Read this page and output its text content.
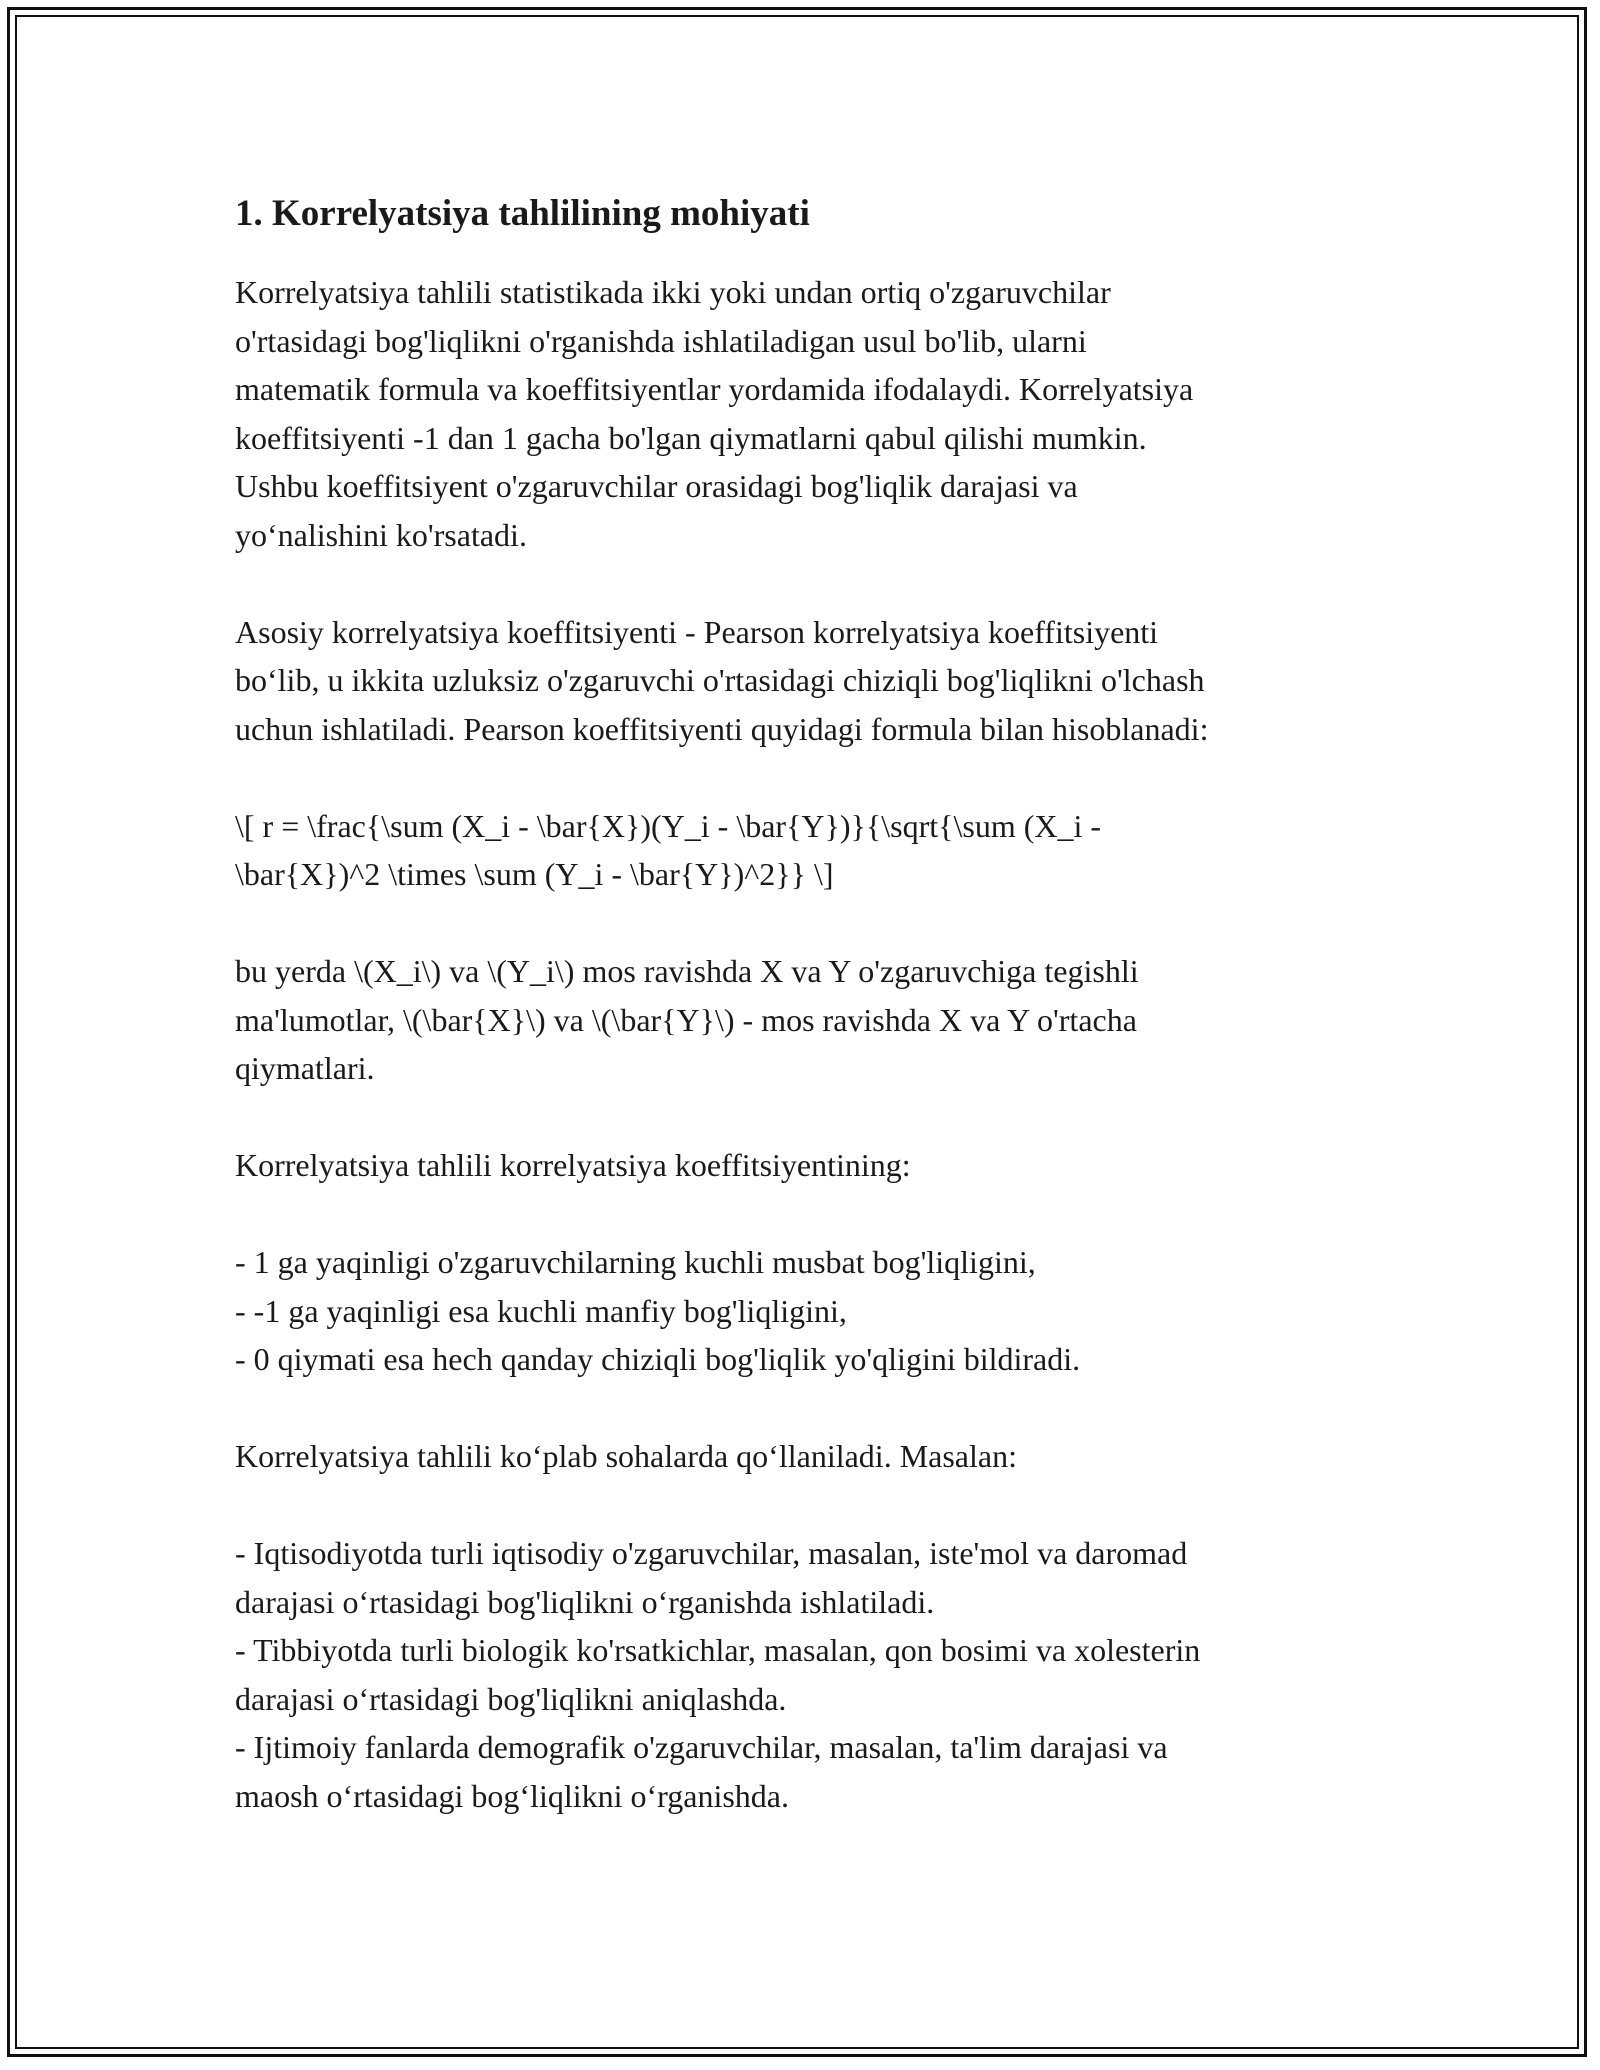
1. Korrelyatsiya tahlilining mohiyati

Korrelyatsiya tahlili statistikada ikki yoki undan ortiq o'zgaruvchilar

o'rtasidagi bog'liqlikni o'rganishda ishlatiladigan usul bo'lib, ularni

matematik formula va koeffitsiyentlar yordamida ifodalaydi. Korrelyatsiya

koeffitsiyenti -1 dan 1 gacha bo'lgan qiymatlarni qabul qilishi mumkin.

Ushbu koeffitsiyent o'zgaruvchilar orasidagi bog'liqlik darajasi va

yo‘nalishini ko'rsatadi.

Asosiy korrelyatsiya koeffitsiyenti - Pearson korrelyatsiya koeffitsiyenti

bo‘lib, u ikkita uzluksiz o'zgaruvchi o'rtasidagi chiziqli bog'liqlikni o'lchash

uchun ishlatiladi. Pearson koeffitsiyenti quyidagi formula bilan hisoblanadi:

\[ r = \frac{\sum (X_i - \bar{X})(Y_i - \bar{Y})}{\sqrt{\sum (X_i -

\bar{X})^2 \times \sum (Y_i - \bar{Y})^2}} \]

bu yerda \(X_i\) va \(Y_i\) mos ravishda X va Y o'zgaruvchiga tegishli

ma'lumotlar, \(\bar{X}\) va \(\bar{Y}\) - mos ravishda X va Y o'rtacha

qiymatlari.

Korrelyatsiya tahlili korrelyatsiya koeffitsiyentining:

- 1 ga yaqinligi o'zgaruvchilarning kuchli musbat bog'liqligini,

- -1 ga yaqinligi esa kuchli manfiy bog'liqligini,

- 0 qiymati esa hech qanday chiziqli bog'liqlik yo'qligini bildiradi.

Korrelyatsiya tahlili ko‘plab sohalarda qo‘llaniladi. Masalan:

- Iqtisodiyotda turli iqtisodiy o'zgaruvchilar, masalan, iste'mol va daromad

darajasi o‘rtasidagi bog'liqlikni o‘rganishda ishlatiladi.

- Tibbiyotda turli biologik ko'rsatkichlar, masalan, qon bosimi va xolesterin

darajasi o‘rtasidagi bog'liqlikni aniqlashda.

- Ijtimoiy fanlarda demografik o'zgaruvchilar, masalan, ta'lim darajasi va

maosh o‘rtasidagi bog‘liqlikni o‘rganishda.
